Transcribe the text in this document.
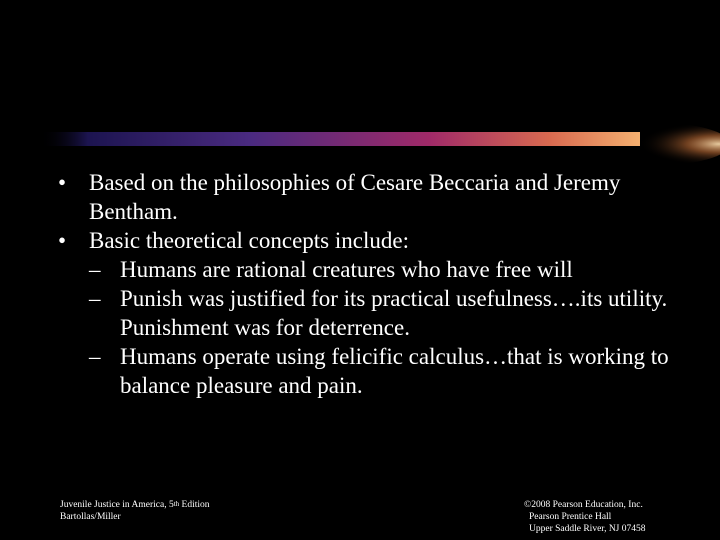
• Based on the philosophies of Cesare Beccaria and Jeremy Bentham.
• Basic theoretical concepts include:
– Humans are rational creatures who have free will
– Punish was justified for its practical usefulness….its utility.   Punishment was for deterrence.
– Humans operate using felicific calculus…that is working to balance pleasure and pain.
Juvenile Justice in America, 5th Edition
Bartollas/Miller
©2008 Pearson Education, Inc.
Pearson Prentice Hall
Upper Saddle River, NJ 07458
